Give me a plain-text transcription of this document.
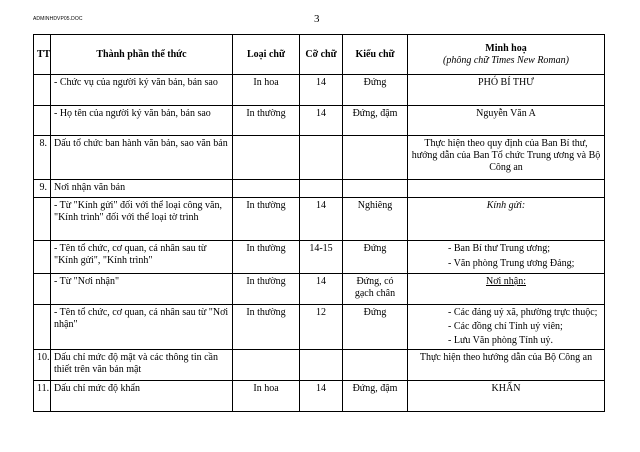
ADMINHDVP05.DOC	3
TT	Thành phần thể thức	Loại chữ	Cỡ chữ	Kiểu chữ	Minh hoạ
(phông chữ Times New Roman)

	- Chức vụ của người ký văn bản, bản sao	In hoa	14	Đứng	PHÓ BÍ THƯ
	- Họ tên của người ký văn bản, bản sao	In thường	14	Đứng, đậm	Nguyễn Văn A
8.	Dấu tổ chức ban hành văn bản, sao văn bản				Thực hiện theo quy định của Ban Bí thư, hướng dẫn của Ban Tổ chức Trung ương và Bộ Công an
9.	Nơi nhận văn bản				
	- Từ "Kính gửi" đối với thể loại công văn, "Kính trình" đối với thể loại tờ trình	In thường	14	Nghiêng	Kính gửi:
	- Tên tổ chức, cơ quan, cá nhân sau từ "Kính gửi", "Kính trình"	In thường	14-15	Đứng	- Ban Bí thư Trung ương;
- Văn phòng Trung ương Đảng;

	- Từ "Nơi nhận"	In thường	14	Đứng, có gạch chân	Nơi nhận:
	- Tên tổ chức, cơ quan, cá nhân sau từ "Nơi nhận"	In thường	12	Đứng	- Các đảng uỷ xã, phường trực thuộc;
- Các đồng chí Tỉnh uỷ viên;
- Lưu Văn phòng Tỉnh uỷ.

10.	Dấu chỉ mức độ mật và các thông tin cần thiết trên văn bản mật				Thực hiện theo hướng dẫn của Bộ Công an
11.	Dấu chỉ mức độ khẩn	In hoa	14	Đứng, đậm	KHẨN
